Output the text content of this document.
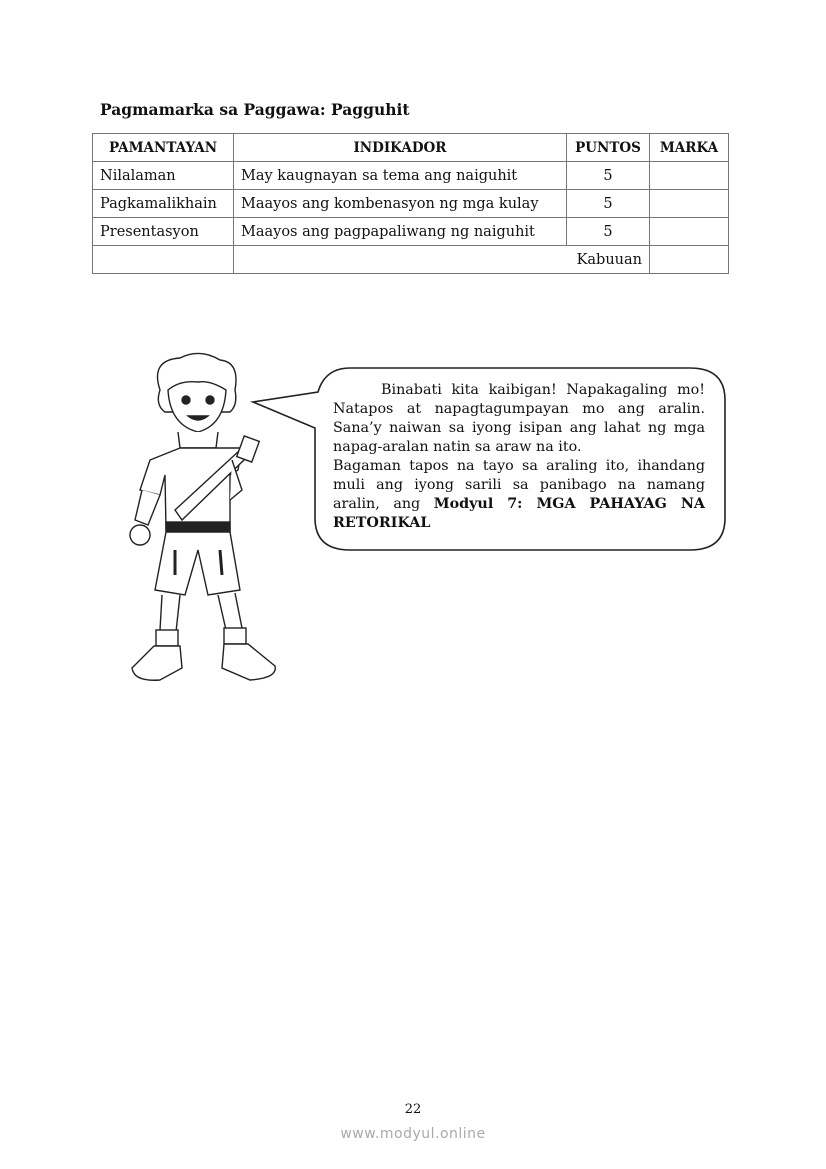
Pagmamarka sa Paggawa: Pagguhit
PAMANTAYAN	INDIKADOR	PUNTOS	MARKA
Nilalaman	May kaugnayan sa tema ang naiguhit	5	
Pagkamalikhain	Maayos ang kombenasyon ng mga kulay	5	
Presentasyon	Maayos ang pagpapaliwang ng naiguhit	5	
	Kabuuan		

Binabati kita kaibigan! Napakagaling mo! Natapos at napagtagumpayan mo ang aralin. Sana’y naiwan sa iyong isipan ang lahat ng mga napag-aralan natin sa araw na ito.

Bagaman tapos na tayo sa araling ito, ihandang muli ang iyong sarili sa panibago na namang aralin, ang Modyul 7: MGA PAHAYAG NA RETORIKAL

22
www.modyul.online
